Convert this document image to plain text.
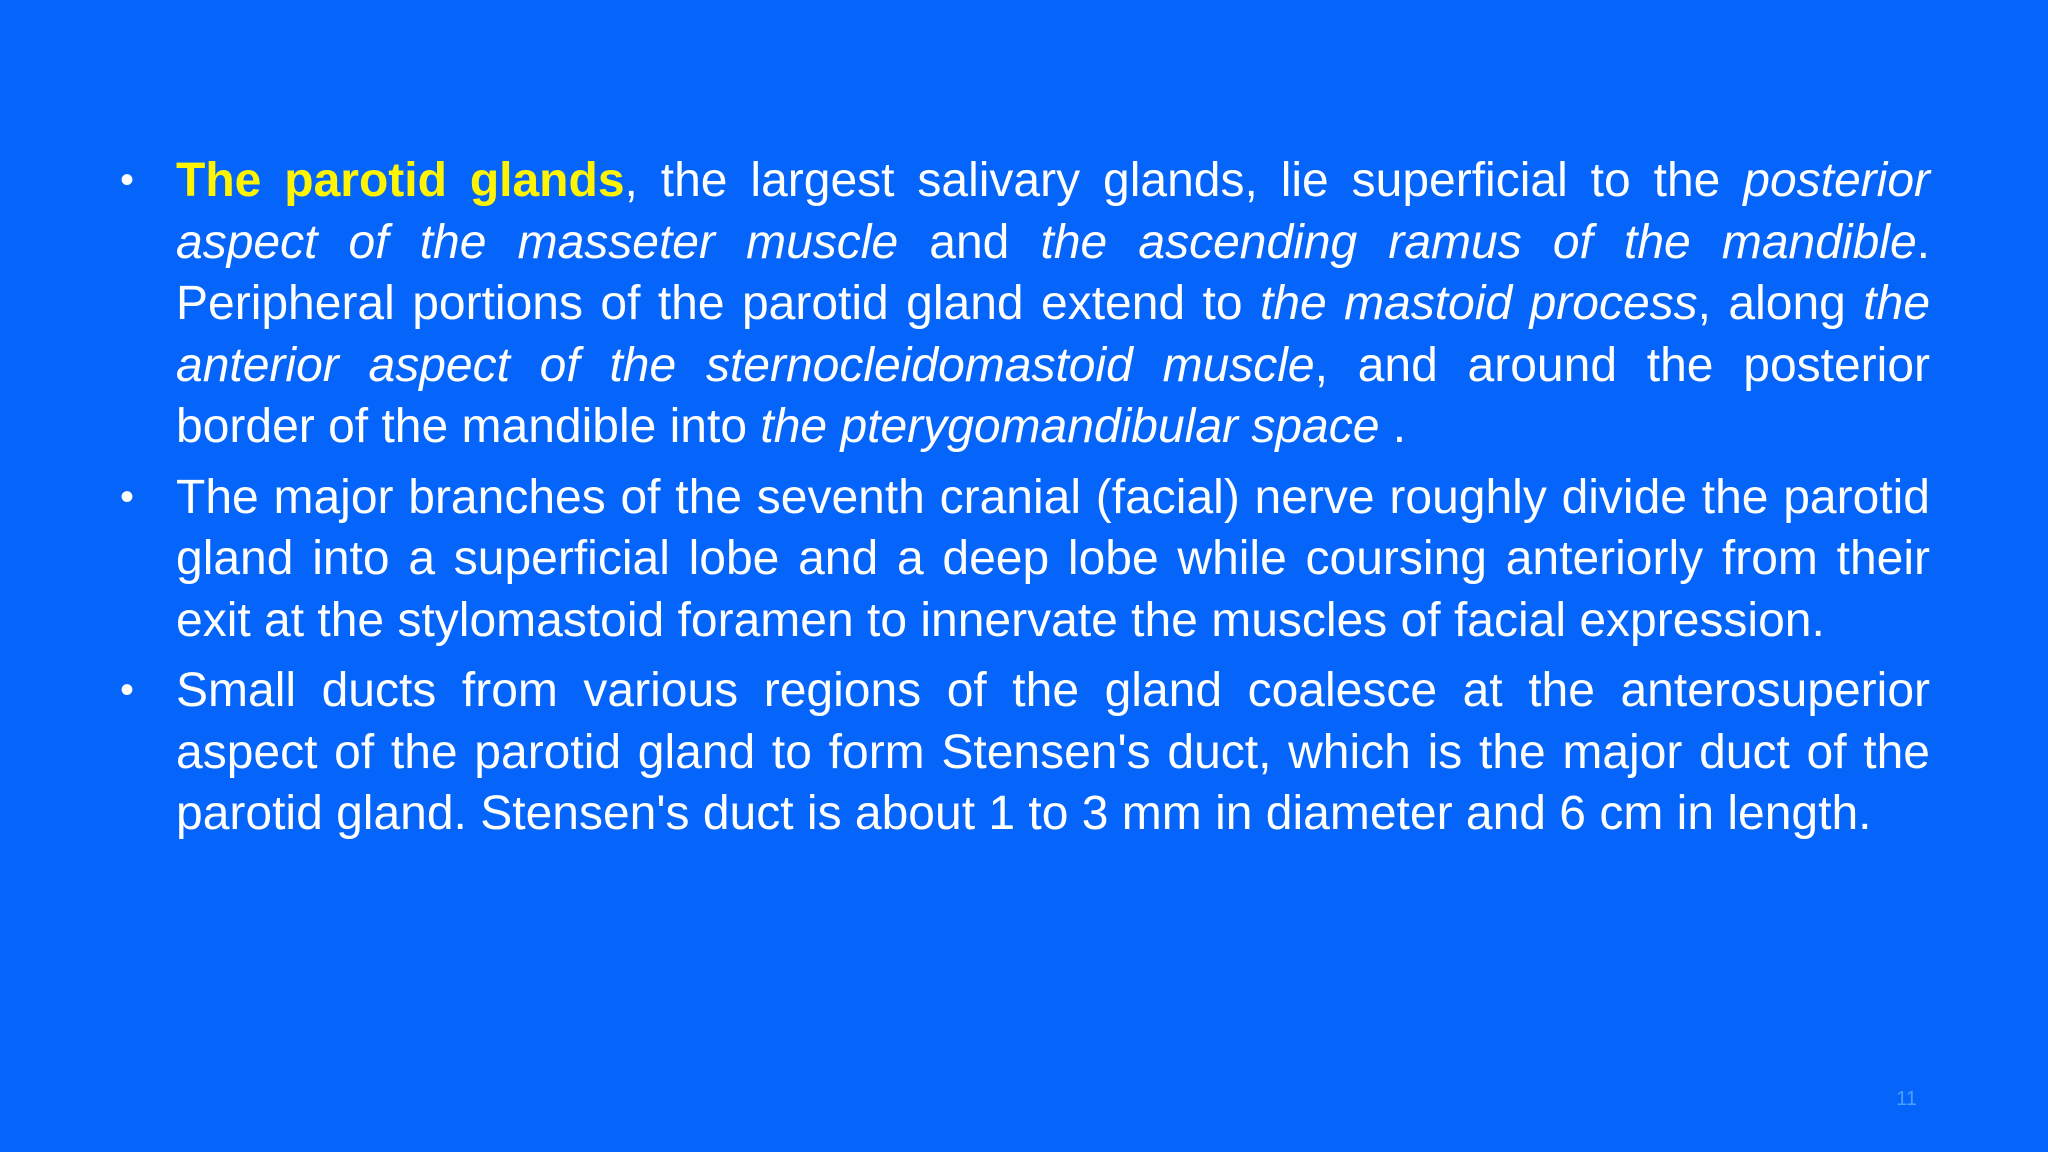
• The parotid glands, the largest salivary glands, lie superficial to the posterior aspect of the masseter muscle and the ascending ramus of the mandible. Peripheral portions of the parotid gland extend to the mastoid process, along the anterior aspect of the sternocleidomastoid muscle, and around the posterior border of the mandible into the pterygomandibular space .
• The major branches of the seventh cranial (facial) nerve roughly divide the parotid gland into a superficial lobe and a deep lobe while coursing anteriorly from their exit at the stylomastoid foramen to innervate the muscles of facial expression.
• Small ducts from various regions of the gland coalesce at the anterosuperior aspect of the parotid gland to form Stensen's duct, which is the major duct of the parotid gland. Stensen's duct is about 1 to 3 mm in diameter and 6 cm in length.
11
